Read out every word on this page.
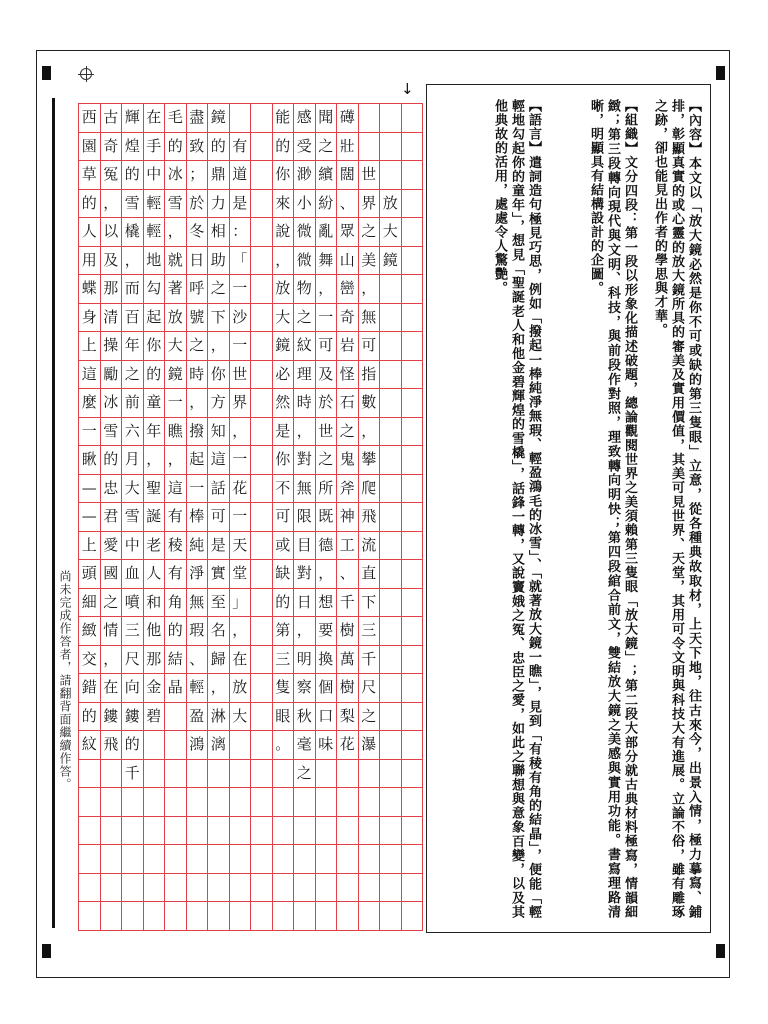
↓
放
大
鏡
世
界
之
美
，
無
可
指
數
，
攀
爬
飛
流
直
下
三
千
尺
之
瀑
礡
壯
闊
、
眾
山
巒
奇
岩
怪
石
之
鬼
斧
神
工
、
千
樹
萬
樹
梨
花
聞
之
繽
紛
亂
舞
，
一
可
及
於
世
之
所
既
德
，
想
要
換
個
口
味
感
受
渺
小
微
微
物
之
紋
理
時
，
對
無
限
目
對
日
，
明
察
秋
毫
之
能
的
你
來
說
，
放
大
鏡
必
然
是
你
不
可
或
缺
的
第
三
隻
眼
。
有
道
是
：
「
一
沙
一
世
界
，
一
花
一
天
堂
」
，
在
放
大
鏡
的
鼎
力
相
助
之
下
，
你
方
知
這
話
可
是
實
至
名
歸
，
淋
漓
盡
致
；
於
冬
日
呼
號
之
時
，
撥
起
一
棒
純
淨
無
瑕
、
輕
盈
鴻
毛
的
冰
雪
，
就
著
放
大
鏡
一
瞧
，
這
有
稜
有
角
的
結
晶
在
手
中
輕
輕
地
勾
起
你
的
童
年
，
聖
誕
老
人
和
他
那
金
碧
輝
煌
的
雪
橇
，
而
百
年
之
前
六
月
大
雪
中
血
噴
三
尺
向
鏤
的
千
古
奇
冤
，
以
及
那
清
操
勵
冰
雪
的
忠
君
愛
國
之
情
，
在
鏤
飛
西
園
草
的
人
用
蝶
身
上
這
麼
一
瞅
—
—
上
頭
細
緻
交
錯
的
紋
尚未完成作答者，請翻背面繼續作答。
【內容】本文以「放大鏡必然是你不可或缺的第三隻眼」立意，從各種典故取材，上天下地，往古來今，出景入情，極力摹寫、鋪排，彰顯真實的或心靈的放大鏡所具的審美及實用價值，其美可見世界、天堂，其用可令文明與科技大有進展。立論不俗，雖有雕琢之跡，卻也能見出作者的學思與才華。
【組織】文分四段：第一段以形象化描述破題，總論觀閱世界之美須賴第三隻眼「放大鏡」；第二段大部分就古典材料極寫，情韻細緻；第三段轉向現代與文明、科技，與前段作對照，理致轉向明快；第四段綰合前文，雙結放大鏡之美感與實用功能。書寫理路清晰，明顯具有結構設計的企圖。
【語言】遣詞造句極見巧思，例如「撥起一棒純淨無瑕、輕盈鴻毛的冰雪」、「就著放大鏡一瞧」，見到「有稜有角的結晶」，便能「輕輕地勾起你的童年」，想見「聖誕老人和他金碧輝煌的雪橇」，話鋒一轉，又說竇娥之冤、忠臣之愛，如此之聯想與意象百變，以及其他典故的活用，處處令人驚艷。
